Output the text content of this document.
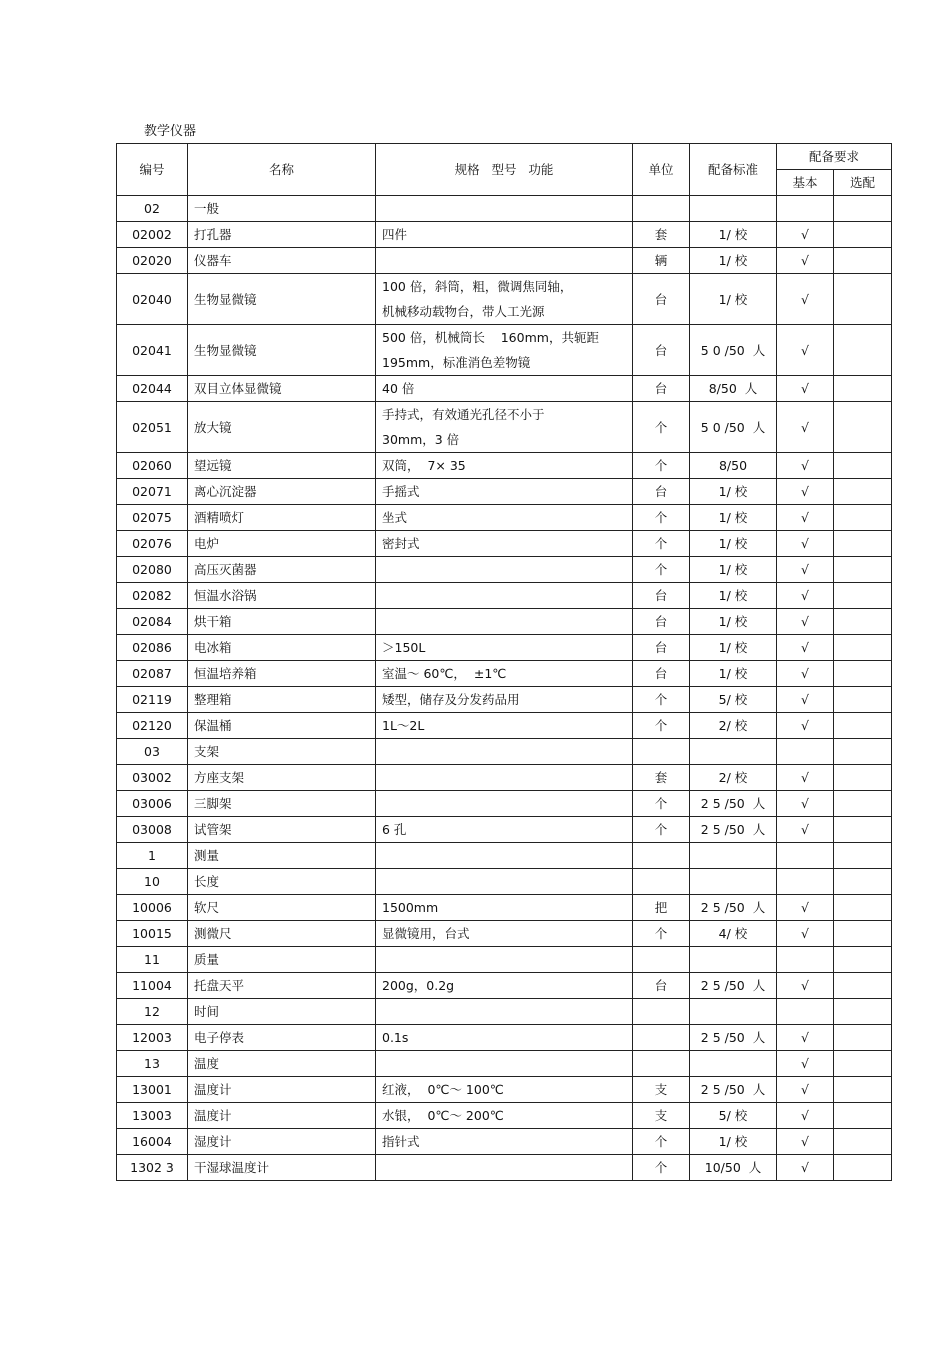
教学仪器
编号	名称	规格   型号   功能	单位	配备标准	配备要求	
					基本	选配
02	一般					
02002	打孔器	四件	套	1/ 校	√	
02020	仪器车		辆	1/ 校	√	
02040	生物显微镜	100 倍，斜筒，粗，微调焦同轴，
机械移动载物台，带人工光源	台	1/ 校	√	
02041	生物显微镜	500 倍，机械筒长    160mm，共轭距
195mm，标准消色差物镜	台	5 0 /50  人	√	
02044	双目立体显微镜	40 倍	台	8/50  人	√	
02051	放大镜	手持式，有效通光孔径不小于
30mm，3 倍	个	5 0 /50  人	√	
02060	望远镜	双筒，  7× 35	个	8/50	√	
02071	离心沉淀器	手摇式	台	1/ 校	√	
02075	酒精喷灯	坐式	个	1/ 校	√	
02076	电炉	密封式	个	1/ 校	√	
02080	高压灭菌器		个	1/ 校	√	
02082	恒温水浴锅		台	1/ 校	√	
02084	烘干箱		台	1/ 校	√	
02086	电冰箱	＞150L	台	1/ 校	√	
02087	恒温培养箱	室温～ 60℃，  ±1℃	台	1/ 校	√	
02119	整理箱	矮型，储存及分发药品用	个	5/ 校	√	
02120	保温桶	1L～2L	个	2/ 校	√	
03	支架					
03002	方座支架		套	2/ 校	√	
03006	三脚架		个	2 5 /50  人	√	
03008	试管架	6 孔	个	2 5 /50  人	√	
1	测量					
10	长度					
10006	软尺	1500mm	把	2 5 /50  人	√	
10015	测微尺	显微镜用，台式	个	4/ 校	√	
11	质量					
11004	托盘天平	200g，0.2g	台	2 5 /50  人	√	
12	时间					
12003	电子停表	0.1s		2 5 /50  人	√	
13	温度				√	
13001	温度计	红液，  0℃～ 100℃	支	2 5 /50  人	√	
13003	温度计	水银，  0℃～ 200℃	支	5/ 校	√	
16004	湿度计	指针式	个	1/ 校	√	
1302 3	干湿球温度计		个	10/50  人	√	
